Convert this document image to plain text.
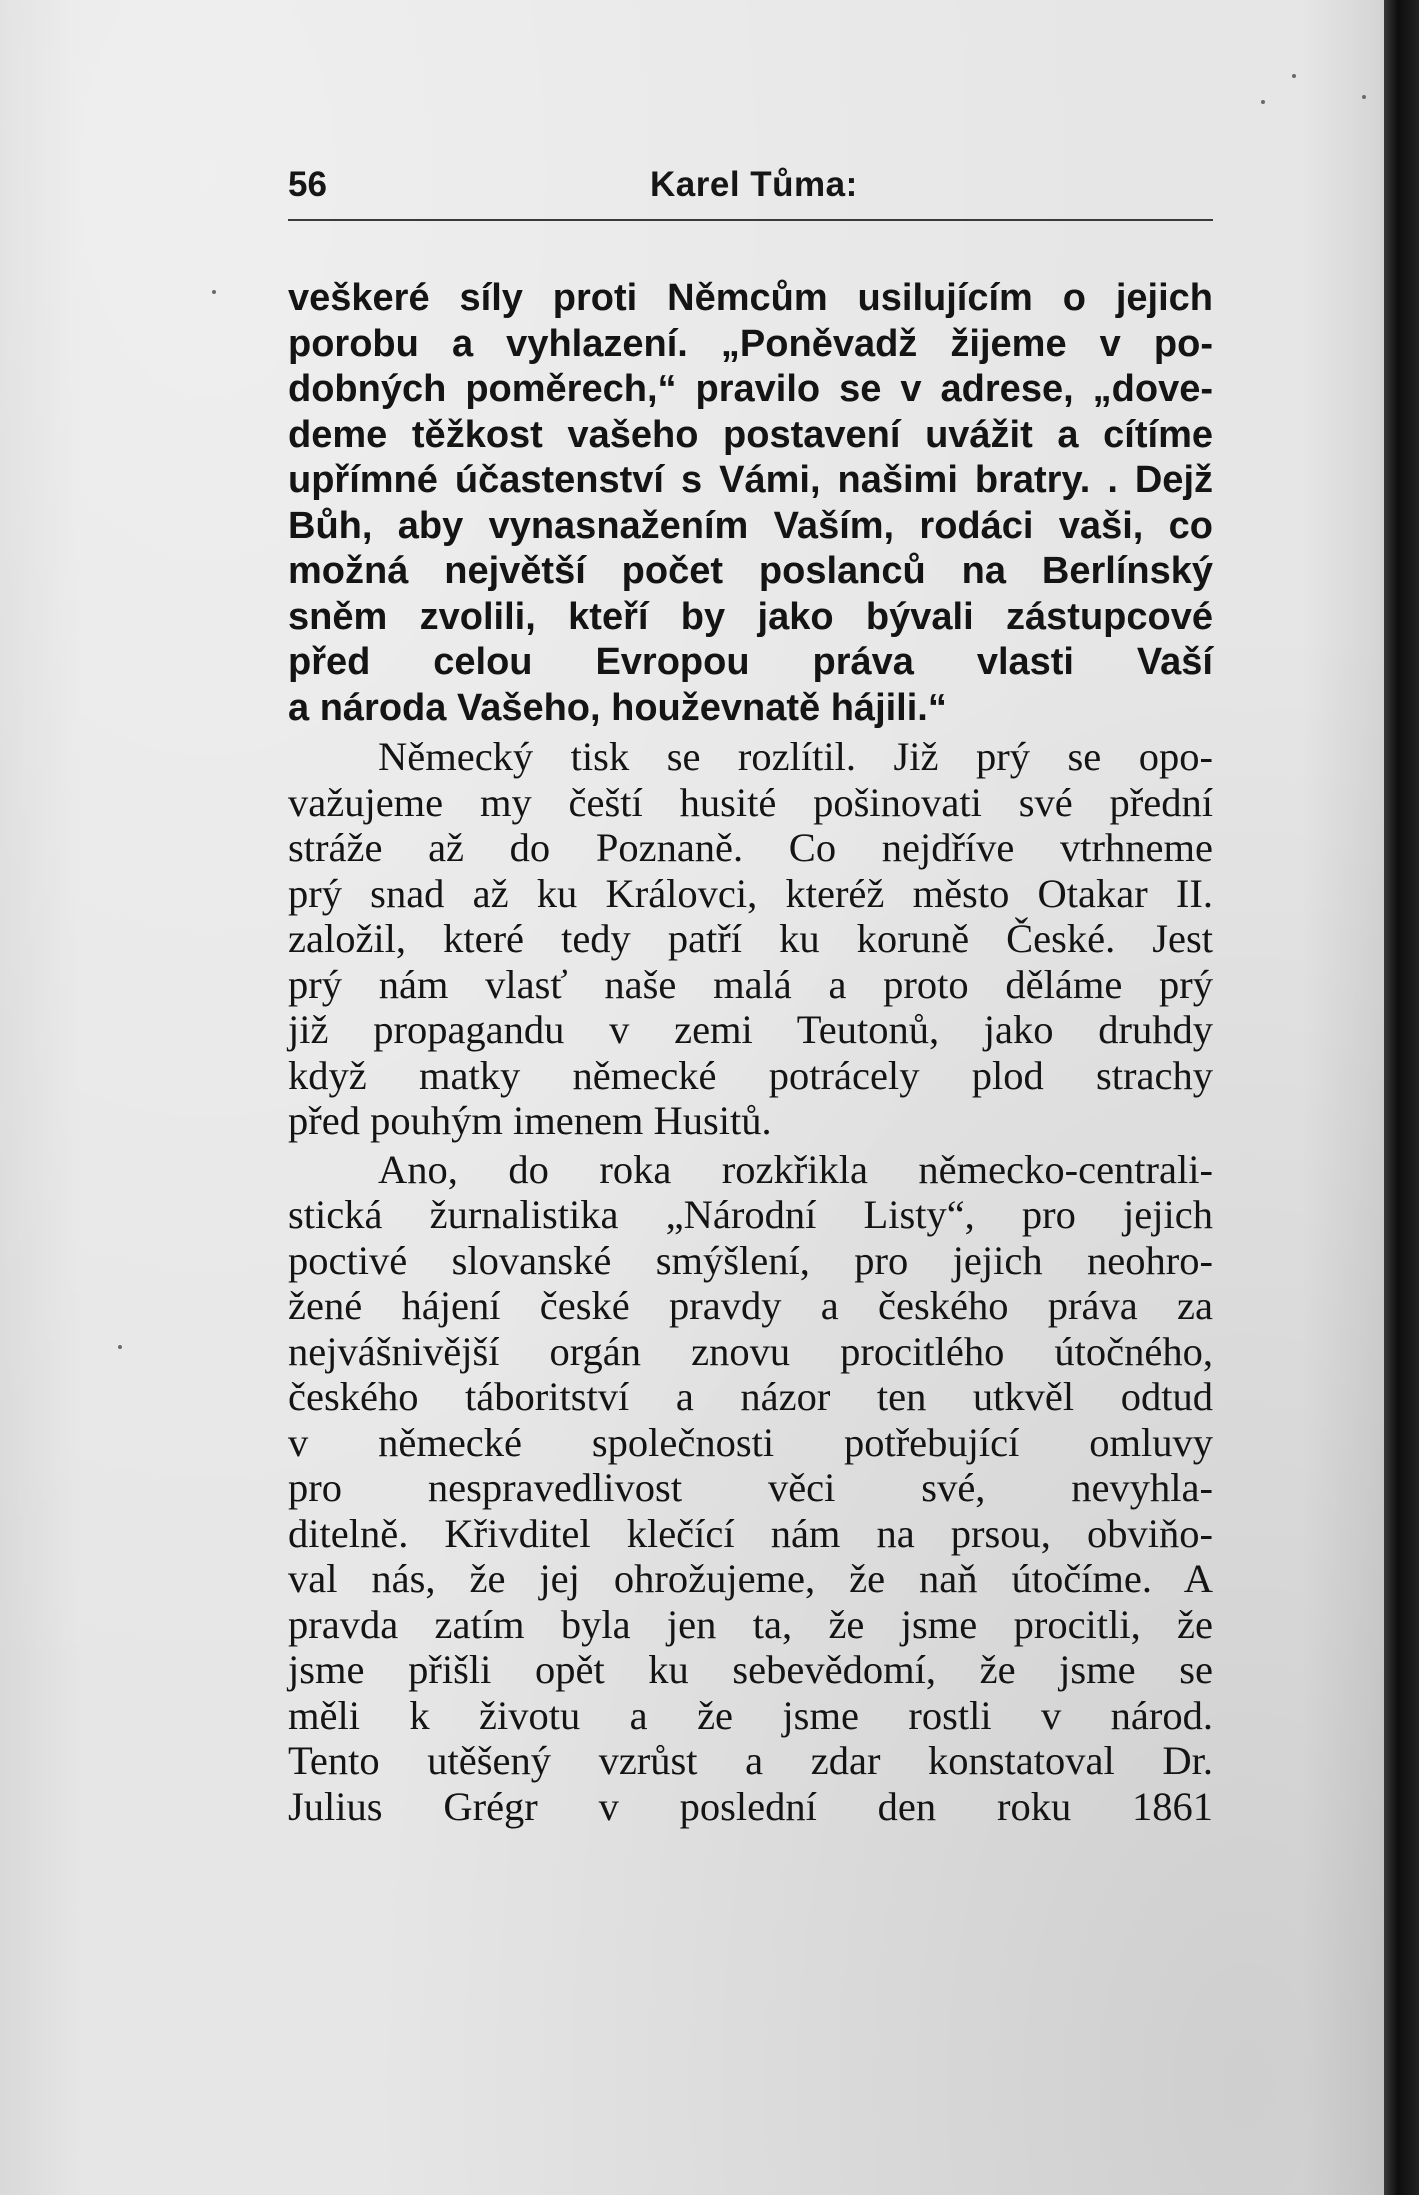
56	Karel Tůma:
veškeré síly proti Němcům usilujícím o jejich
porobu a vyhlazení. „Poněvadž žijeme v po-
dobných poměrech,“ pravilo se v adrese, „dove-
deme těžkost vašeho postavení uvážit a cítíme
upřímné účastenství s Vámi, našimi bratry. . Dejž
Bůh, aby vynasnažením Vaším, rodáci vaši, co
možná největší počet poslanců na Berlínský
sněm zvolili, kteří by jako bývali zástupcové
před celou Evropou práva vlasti Vaší
a národa Vašeho, houževnatě hájili.“
Německý tisk se rozlítil. Již prý se opo-
važujeme my čeští husité pošinovati své přední
stráže až do Poznaně. Co nejdříve vtrhneme
prý snad až ku Královci, kteréž město Otakar II.
založil, které tedy patří ku koruně České. Jest
prý nám vlasť naše malá a proto děláme prý
již propagandu v zemi Teutonů, jako druhdy
když matky německé potrácely plod strachy
před pouhým imenem Husitů.
Ano, do roka rozkřikla německo-centrali-
stická žurnalistika „Národní Listy“, pro jejich
poctivé slovanské smýšlení, pro jejich neohro-
žené hájení české pravdy a českého práva za
nejvášnivější orgán znovu procitlého útočného,
českého táboritství a názor ten utkvěl odtud
v německé společnosti potřebující omluvy
pro nespravedlivost věci své, nevyhla-
ditelně. Křivditel klečící nám na prsou, obviňo-
val nás, že jej ohrožujeme, že naň útočíme. A
pravda zatím byla jen ta, že jsme procitli, že
jsme přišli opět ku sebevědomí, že jsme se
měli k životu a že jsme rostli v národ.
Tento utěšený vzrůst a zdar konstatoval Dr.
Julius Grégr v poslední den roku 1861
